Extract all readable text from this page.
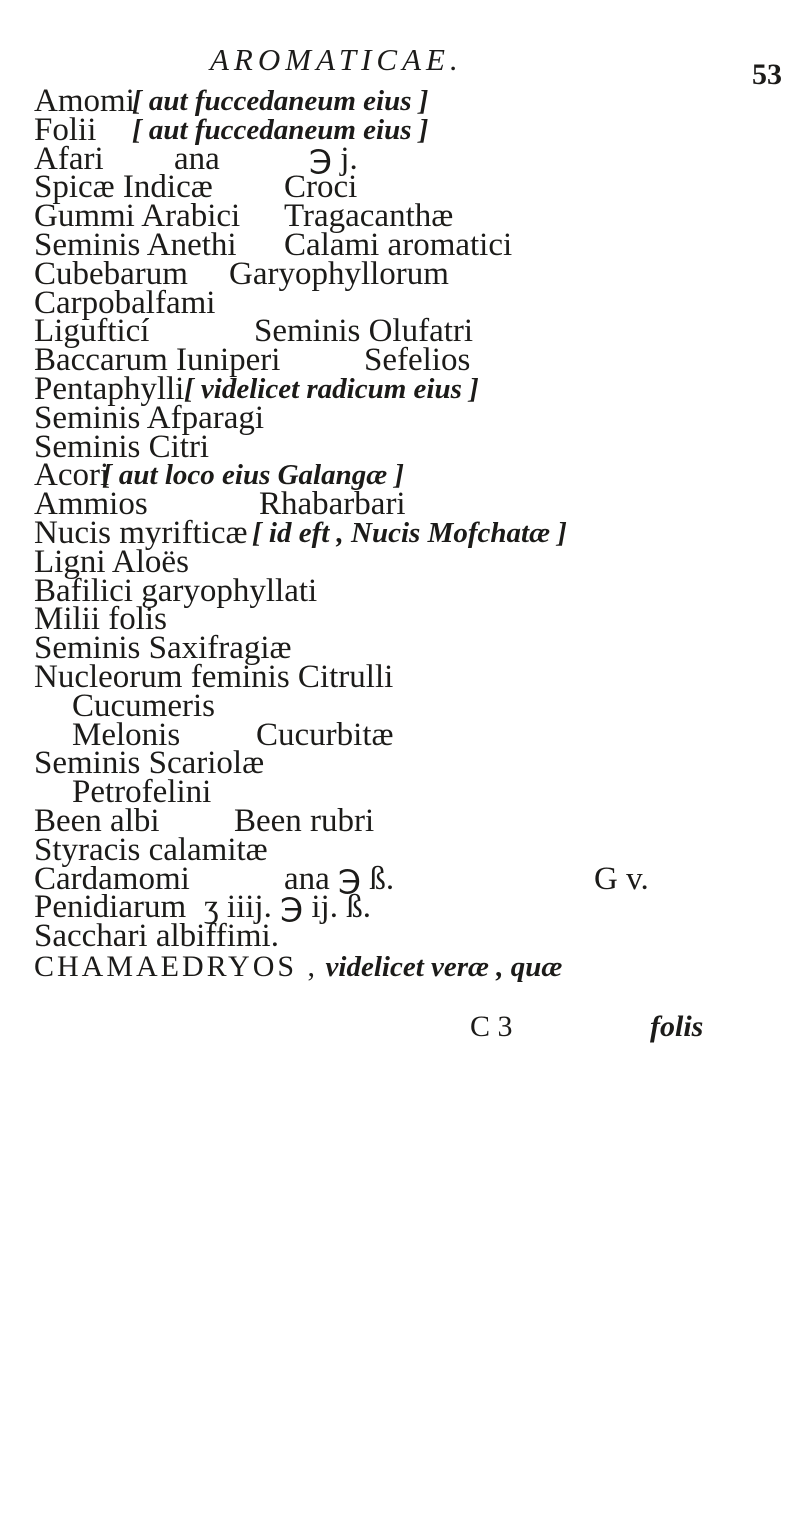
AROMATICAE.	53
Amomi
[ aut fuccedaneum eius ]
Folii [ aut fuccedaneum eius ]
Afari ana	℈ j.
Spicæ Indicæ Croci
Gummi Arabici Tragacanthæ
Seminis Anethi Calami aromatici
Cubebarum Garyophyllorum
Carpobalfami
Ligufticí	Seminis Olufatri
Baccarum Iuniperi	Sefelios
Pentaphylli [ videlicet radicum eius ]
Seminis Afparagi
Seminis Citri
Acori
[ aut loco eius Galangæ ]
Ammios	Rhabarbari
Nucis myrifticæ [ id eft , Nucis Mofchatæ ]
Ligni Aloës
Bafilici garyophyllati
Milii folis
Seminis Saxifragiæ
Nucleorum feminis Citrulli
Cucumeris
Melonis Cucurbitæ
Seminis Scariolæ
Petrofelini
Been albi Been rubri
Styracis calamitæ
Cardamomi	ana ℈ ß.	G v.
Penidiarum ʒ iiij. ℈ ij. ß.
Sacchari albiffimi.
CHAMAEDRYOS , videlicet veræ , quæ
C 3	folis
